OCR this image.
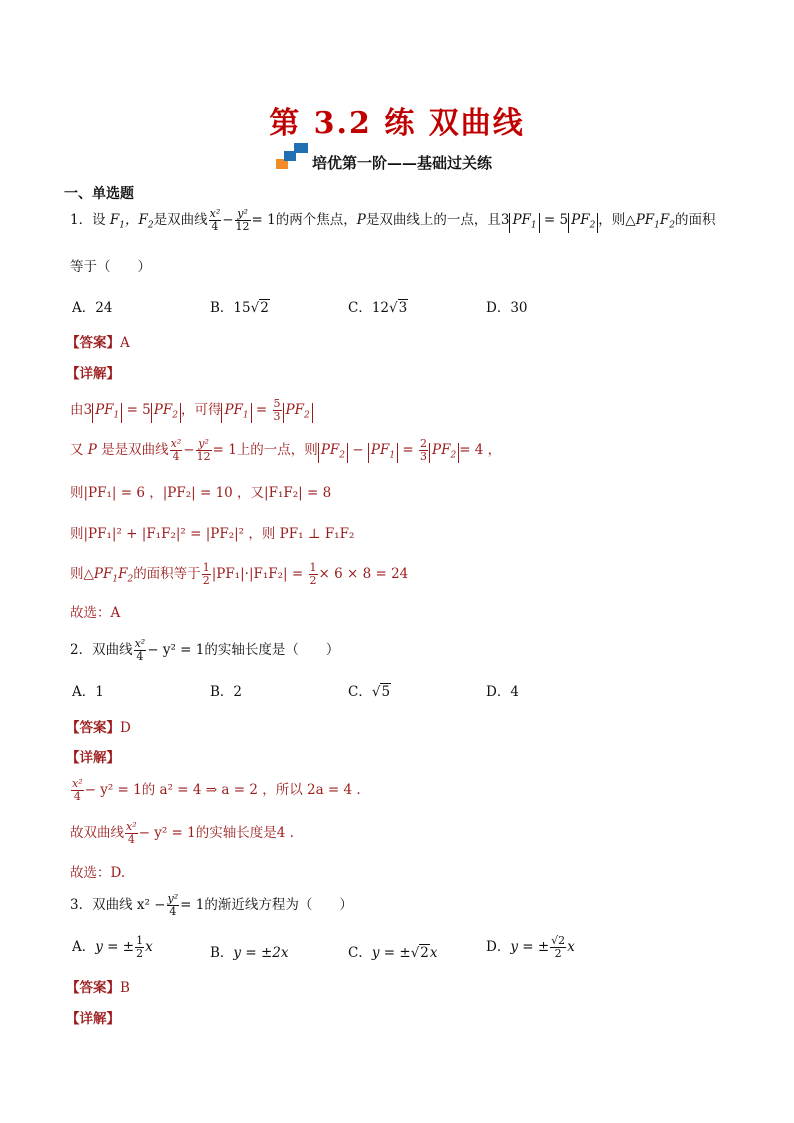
第 3.2 练 双曲线
培优第一阶——基础过关练
一、单选题
1．设 $F_1$，$F_2$是双曲线 $\frac{\text{x²}}{4} - \frac{\text{y²}}{12} = 1$的两个焦点，P是双曲线上的一点，且3 $PF_1 = 5$ $PF_2$ ，则$\triangle PF_1F_2$的面积
等于（　　）
A．24	B．15√2	C．12√3	D．30
【答案】A
【详解】
由3 $PF_1 = 5$ $PF_2$ ，可得 $PF_1 = \frac{5}{3} PF_2$
又 P 是是双曲线 $\frac{\text{x²}}{4} - \frac{\text{y²}}{12} = 1$上的一点，则 $PF_2 - PF_1 = \frac{2}{3} PF_2 = 4$ ，
则|PF₁| = 6 ，|PF₂| = 10 ，又|F₁F₂| = 8
则|PF₁|² + |F₁F₂|² = |PF₂|² ，则 PF₁ ⊥ F₁F₂
则$\triangle PF_1F_2$的面积等于 $\frac{1}{2} |PF_1|\cdot|F_1F_2| = \frac{1}{2} \times 6 \times 8 = 24$
故选：A
2．双曲线 $\frac{\text{x²}}{4} - y^2 = 1$的实轴长度是（　　）
A．1	B．2	C．√5	D．4
【答案】D
【详解】
$\frac{\text{x²}}{4} - y^2 = 1$的 a² = 4 ⇒ a = 2 ，所以 2a = 4 .
故双曲线 $\frac{\text{x²}}{4} - y^2 = 1$的实轴长度是4 .
故选：D.
3．双曲线 $x^2 - \frac{\text{y²}}{4} = 1$的渐近线方程为（　　）
A．y = ± $\frac{1}{2}$ x	B．y = ±2x	C．y = ±√2x	D．y = ± $\frac{√2}{2}$ x
【答案】B
【详解】
